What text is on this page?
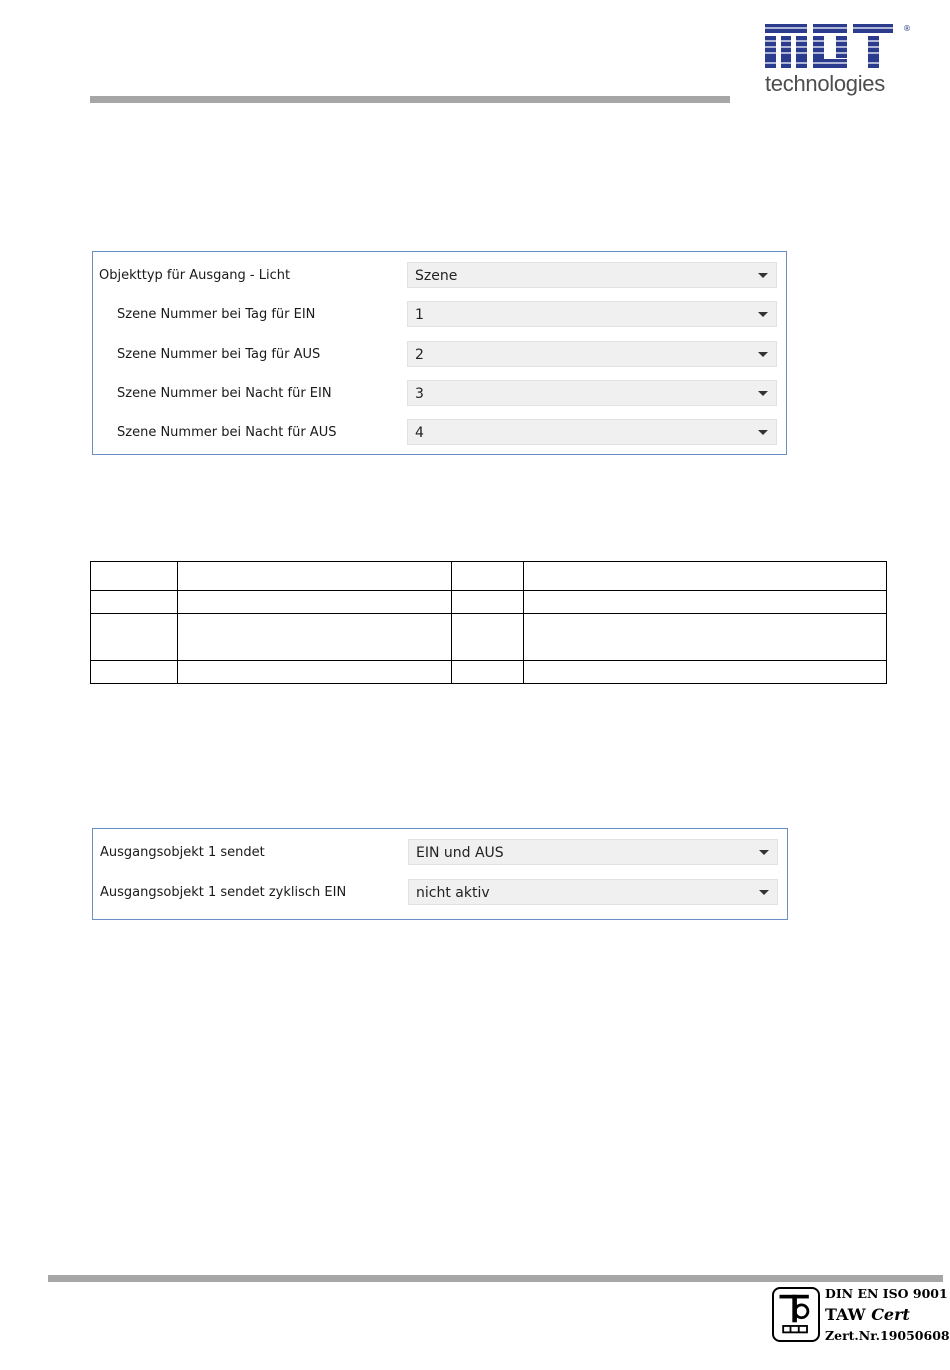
®
technologies
Objekttyp für Ausgang - Licht	Szene
Szene Nummer bei Tag für EIN	1
Szene Nummer bei Tag für AUS	2
Szene Nummer bei Nacht für EIN	3
Szene Nummer bei Nacht für AUS	4

Ausgangsobjekt 1 sendet	EIN und AUS
Ausgangsobjekt 1 sendet zyklisch EIN	nicht aktiv
DIN EN ISO 9001
TAW Cert
Zert.Nr.19050608
